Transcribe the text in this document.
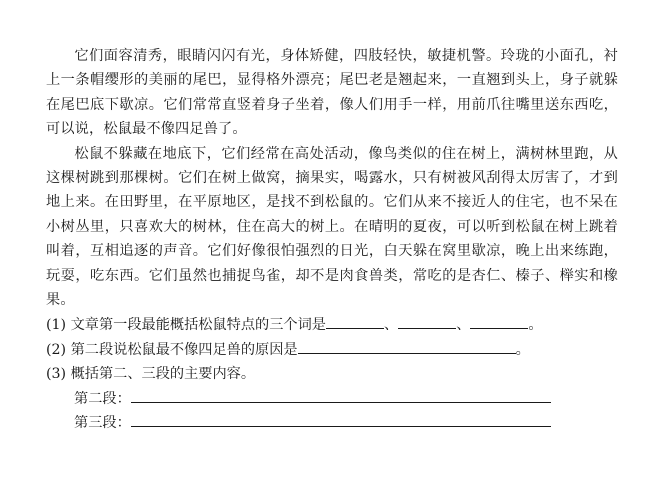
它们面容清秀，眼睛闪闪有光，身体矫健，四肢轻快，敏捷机警。玲珑的小面孔，衬上一条帽缨形的美丽的尾巴，显得格外漂亮；尾巴老是翘起来，一直翘到头上，身子就躲在尾巴底下歇凉。它们常常直竖着身子坐着，像人们用手一样，用前爪往嘴里送东西吃，可以说，松鼠最不像四足兽了。

松鼠不躲藏在地底下，它们经常在高处活动，像鸟类似的住在树上，满树林里跑，从这棵树跳到那棵树。它们在树上做窝，摘果实，喝露水，只有树被风刮得太厉害了，才到地上来。在田野里，在平原地区，是找不到松鼠的。它们从来不接近人的住宅，也不呆在小树丛里，只喜欢大的树林，住在高大的树上。在晴明的夏夜，可以听到松鼠在树上跳着叫着，互相追逐的声音。它们好像很怕强烈的日光，白天躲在窝里歇凉，晚上出来练跑，玩耍，吃东西。它们虽然也捕捉鸟雀，却不是肉食兽类，常吃的是杏仁、榛子、榉实和橡果。

(1) 文章第一段最能概括松鼠特点的三个词是	、	、	。
(2) 第二段说松鼠最不像四足兽的原因是	。
(3) 概括第二、三段的主要内容。
第二段：
第三段：
